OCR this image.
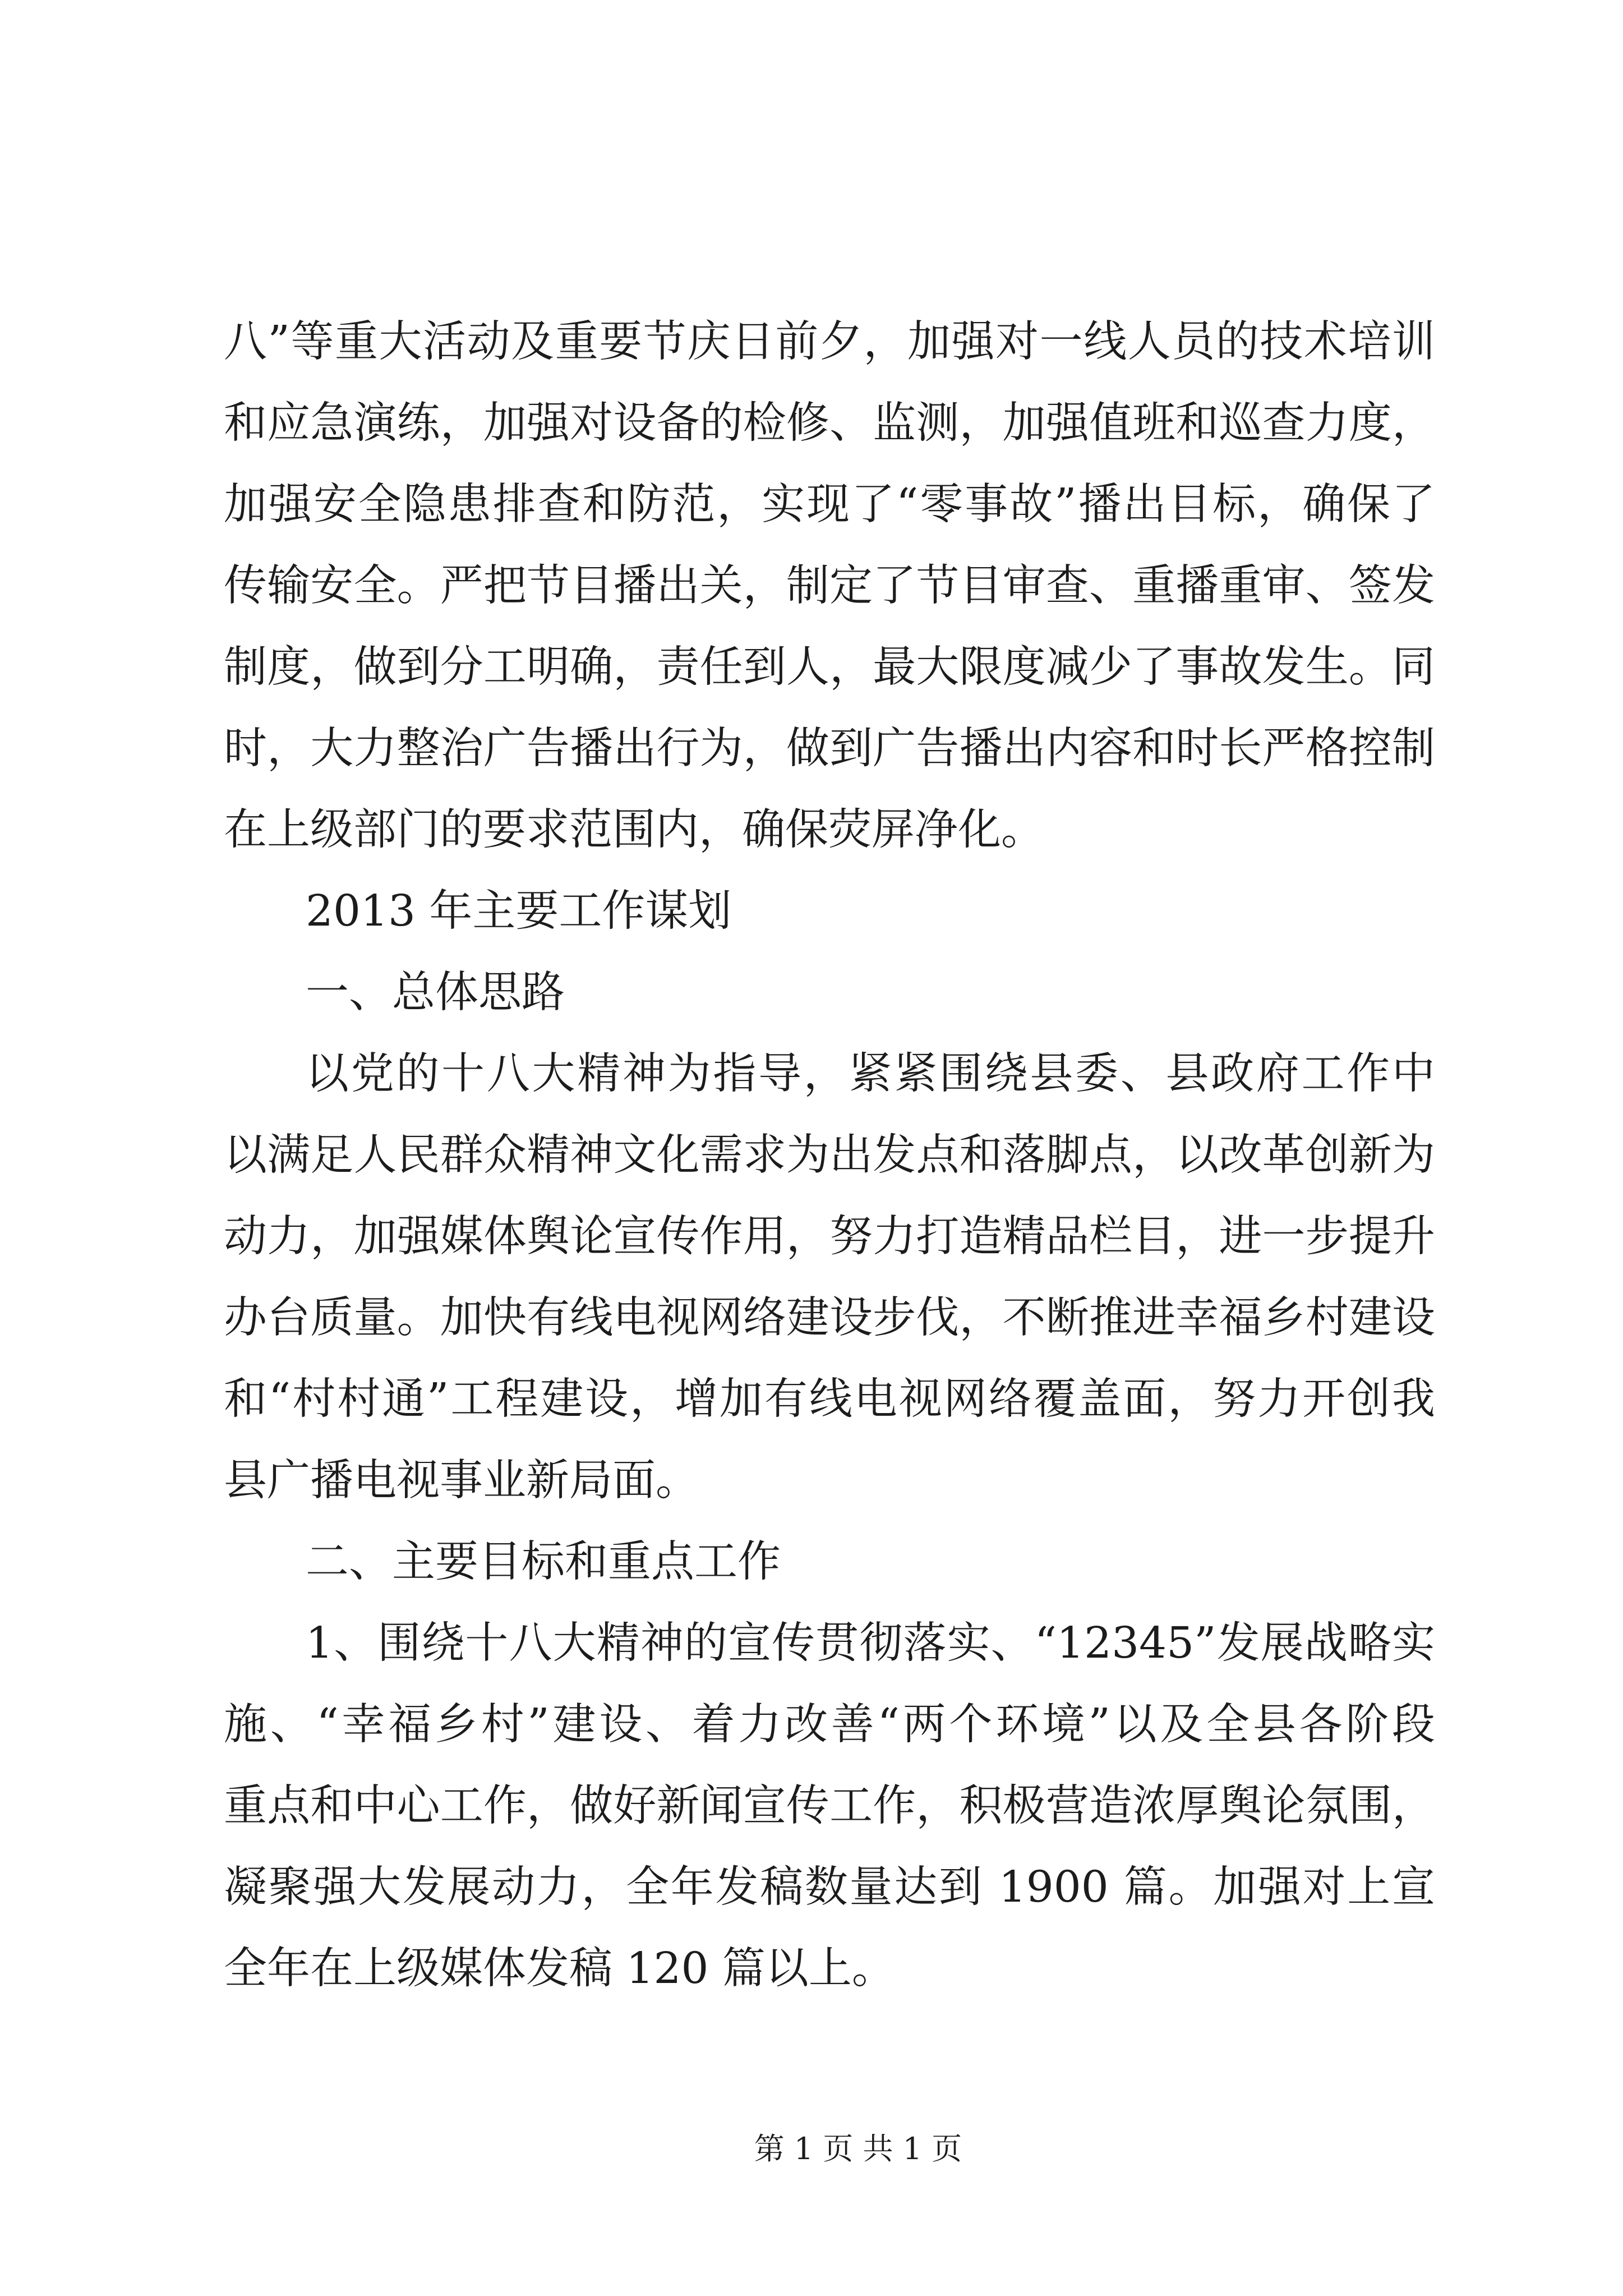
八”等重大活动及重要节庆日前夕，加强对一线人员的技术培训
和应急演练，加强对设备的检修、监测，加强值班和巡查力度，
加强安全隐患排查和防范，实现了“零事故”播出目标，确保了
传输安全。严把节目播出关，制定了节目审查、重播重审、签发
制度，做到分工明确，责任到人，最大限度减少了事故发生。同
时，大力整治广告播出行为，做到广告播出内容和时长严格控制
在上级部门的要求范围内，确保荧屏净化。
2013 年主要工作谋划
一、总体思路
以党的十八大精神为指导，紧紧围绕县委、县政府工作中
以满足人民群众精神文化需求为出发点和落脚点，以改革创新为
动力，加强媒体舆论宣传作用，努力打造精品栏目，进一步提升
办台质量。加快有线电视网络建设步伐，不断推进幸福乡村建设
和“村村通”工程建设，增加有线电视网络覆盖面，努力开创我
县广播电视事业新局面。
二、主要目标和重点工作
1、围绕十八大精神的宣传贯彻落实、“12345”发展战略实
施、“幸福乡村”建设、着力改善“两个环境”以及全县各阶段
重点和中心工作，做好新闻宣传工作，积极营造浓厚舆论氛围，
凝聚强大发展动力，全年发稿数量达到 1900 篇。加强对上宣
全年在上级媒体发稿 120 篇以上。
第 1 页 共 1 页
